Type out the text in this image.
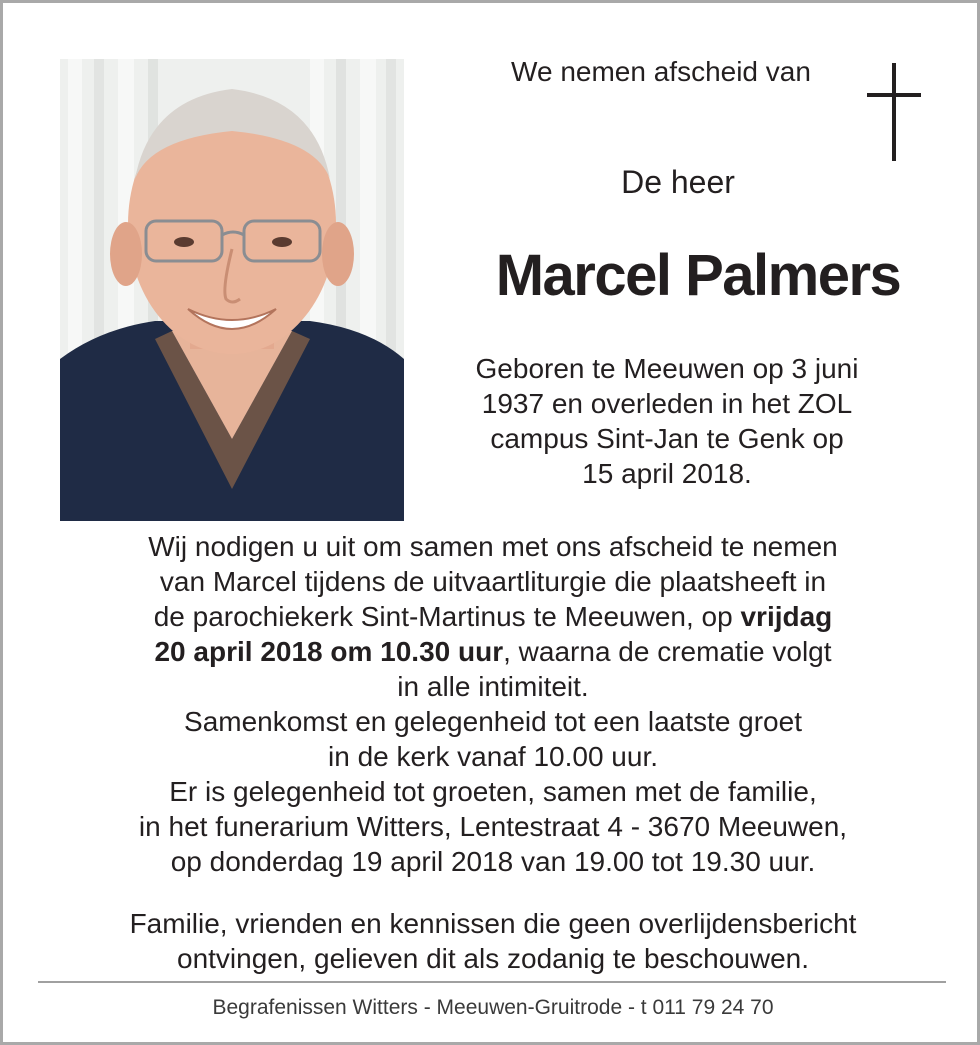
We nemen afscheid van
De heer
Marcel Palmers
Geboren te Meeuwen op 3 juni
1937 en overleden in het ZOL
campus Sint-Jan te Genk op
15 april 2018.

Wij nodigen u uit om samen met ons afscheid te nemen

van Marcel tijdens de uitvaartliturgie die plaatsheeft in

de parochiekerk Sint-Martinus te Meeuwen, op vrijdag

20 april 2018 om 10.30 uur, waarna de crematie volgt

in alle intimiteit.

Samenkomst en gelegenheid tot een laatste groet

in de kerk vanaf 10.00 uur.

Er is gelegenheid tot groeten, samen met de familie,

in het funerarium Witters, Lentestraat 4 - 3670 Meeuwen,

op donderdag 19 april 2018 van 19.00 tot 19.30 uur.

Familie, vrienden en kennissen die geen overlijdensbericht
ontvingen, gelieven dit als zodanig te beschouwen.
Begrafenissen Witters - Meeuwen-Gruitrode - t 011 79 24 70
